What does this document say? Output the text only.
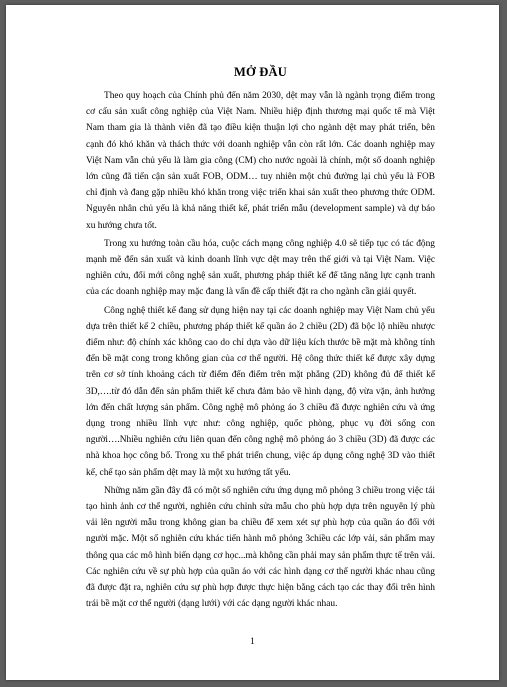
MỞ ĐẦU

Theo quy hoạch của Chính phủ đến năm 2030, dệt may vẫn là ngành trọng điểm trong cơ cấu sản xuất công nghiệp của Việt Nam. Nhiều hiệp định thương mại quốc tế mà Việt Nam tham gia là thành viên đã tạo điều kiện thuận lợi cho ngành dệt may phát triển, bên cạnh đó khó khăn và thách thức với doanh nghiệp vẫn còn rất lớn. Các doanh nghiệp may Việt Nam vẫn chủ yếu là làm gia công (CM) cho nước ngoài là chính, một số doanh nghiệp lớn cũng đã tiến cận sản xuất FOB, ODM… tuy nhiên một chủ đường lại chủ yếu là FOB chỉ định và đang gặp nhiều khó khăn trong việc triển khai sản xuất theo phương thức ODM. Nguyên nhân chủ yếu là khả năng thiết kế, phát triển mẫu (development sample) và dự báo xu hướng chưa tốt.

Trong xu hướng toàn cầu hóa, cuộc cách mạng công nghiệp 4.0 sẽ tiếp tục có tác động mạnh mẽ đến sản xuất và kinh doanh lĩnh vực dệt may trên thế giới và tại Việt Nam. Việc nghiên cứu, đổi mới công nghệ sản xuất, phương pháp thiết kế để tăng năng lực cạnh tranh của các doanh nghiệp may mặc đang là vấn đề cấp thiết đặt ra cho ngành cần giải quyết.

Công nghệ thiết kế đang sử dụng hiện nay tại các doanh nghiệp may Việt Nam chủ yếu dựa trên thiết kế 2 chiều, phương pháp thiết kế quần áo 2 chiều (2D) đã bộc lộ nhiều nhược điểm như: độ chính xác không cao do chỉ dựa vào dữ liệu kích thước bề mặt mà không tính đến bề mặt cong trong không gian của cơ thể người. Hệ công thức thiết kế được xây dựng trên cơ sở tính khoảng cách từ điểm đến điểm trên mặt phẳng (2D) không đủ để thiết kế 3D,….từ đó dẫn đến sản phẩm thiết kế chưa đảm bảo về hình dạng, độ vừa vặn, ảnh hưởng lớn đến chất lượng sản phẩm. Công nghệ mô phỏng áo 3 chiều đã được nghiên cứu và ứng dụng trong nhiều lĩnh vực như: công nghiệp, quốc phòng, phục vụ đời sống con người….Nhiều nghiên cứu liên quan đến công nghệ mô phỏng áo 3 chiều (3D) đã được các nhà khoa học công bố. Trong xu thế phát triển chung, việc áp dụng công nghệ 3D vào thiết kế, chế tạo sản phẩm dệt may là một xu hướng tất yếu.

Những năm gần đây đã có một số nghiên cứu ứng dụng mô phỏng 3 chiều trong việc tái tạo hình ảnh cơ thể người, nghiên cứu chỉnh sửa mẫu cho phù hợp dựa trên nguyên lý phù vải lên người mẫu trong không gian ba chiều để xem xét sự phù hợp của quần áo đối với người mặc. Một số nghiên cứu khác tiến hành mô phỏng 3chiều các lớp vải, sản phẩm may thông qua các mô hình biến dạng cơ học...mà không cần phải may sản phẩm thực tế trên vải. Các nghiên cứu về sự phù hợp của quần áo với các hình dạng cơ thể người khác nhau cũng đã được đặt ra, nghiên cứu sự phù hợp được thực hiện bằng cách tạo các thay đổi trên hình trái bề mặt cơ thể người (dạng lưới) với các dạng người khác nhau.

1
